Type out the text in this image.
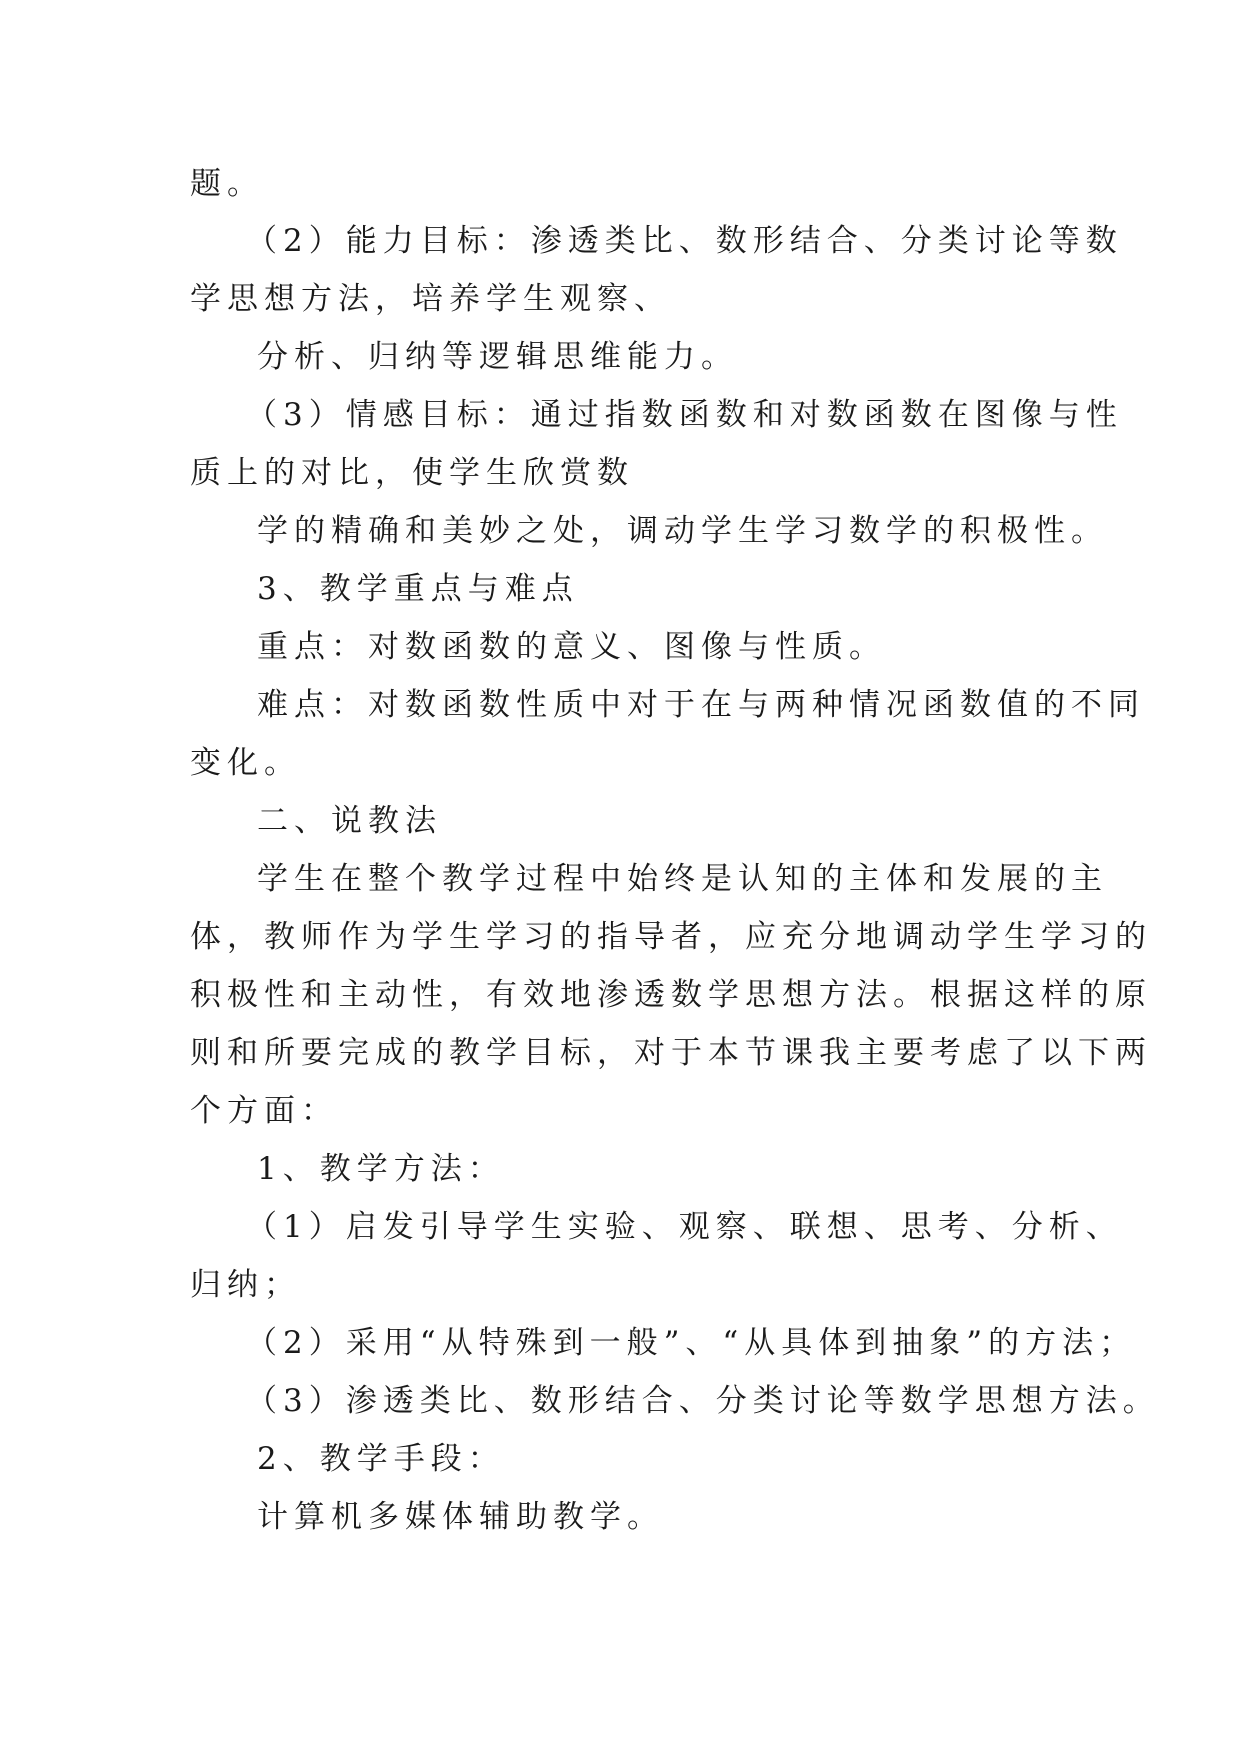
题。

（2）能力目标：渗透类比、数形结合、分类讨论等数

学思想方法，培养学生观察、

分析、归纳等逻辑思维能力。

（3）情感目标：通过指数函数和对数函数在图像与性

质上的对比，使学生欣赏数

学的精确和美妙之处，调动学生学习数学的积极性。

3、教学重点与难点

重点：对数函数的意义、图像与性质。

难点：对数函数性质中对于在与两种情况函数值的不同

变化。

二、说教法

学生在整个教学过程中始终是认知的主体和发展的主

体，教师作为学生学习的指导者，应充分地调动学生学习的

积极性和主动性，有效地渗透数学思想方法。根据这样的原

则和所要完成的教学目标，对于本节课我主要考虑了以下两

个方面：

1、教学方法：

（1）启发引导学生实验、观察、联想、思考、分析、

归纳；

（2）采用“从特殊到一般”、“从具体到抽象”的方法；

（3）渗透类比、数形结合、分类讨论等数学思想方法。

2、教学手段：

计算机多媒体辅助教学。
